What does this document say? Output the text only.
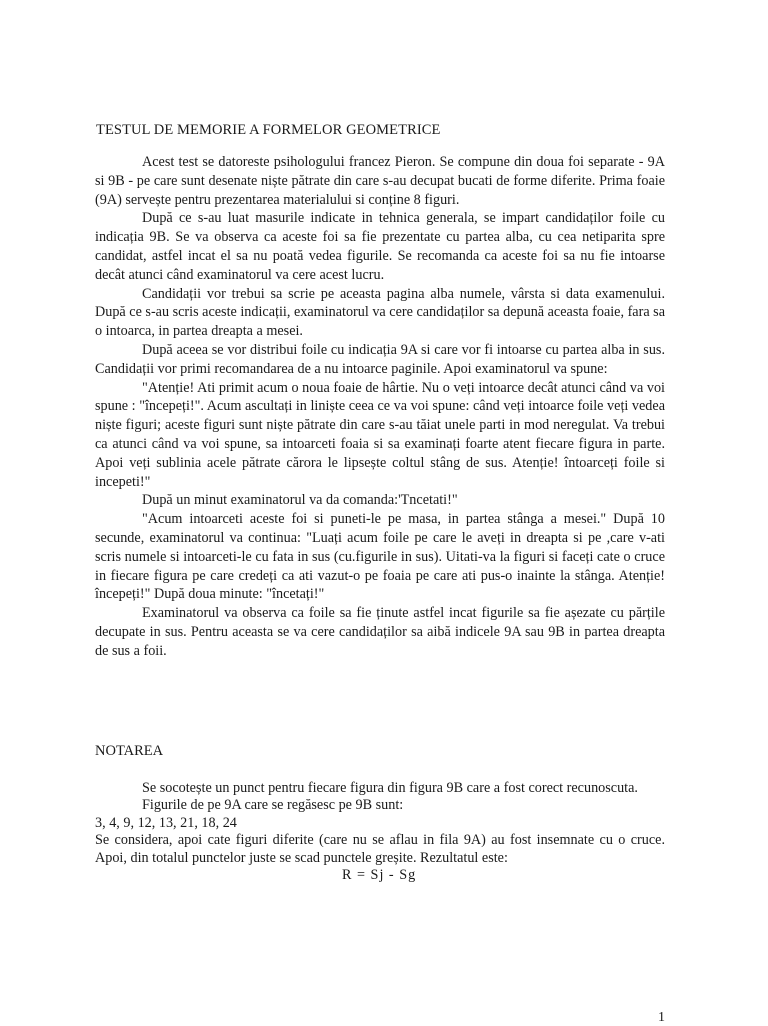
TESTUL DE MEMORIE A FORMELOR GEOMETRICE

Acest test se datoreste psihologului francez Pieron. Se compune din doua foi separate - 9A si 9B - pe care sunt desenate niște pătrate din care s-au decupat bucati de forme diferite. Prima foaie (9A) servește pentru prezentarea materialului si conține 8 figuri.

După ce s-au luat masurile indicate in tehnica generala, se impart candidaților foile cu indicația 9B. Se va observa ca aceste foi sa fie prezentate cu partea alba, cu cea netiparita spre candidat, astfel incat el sa nu poată vedea figurile. Se recomanda ca aceste foi sa nu fie intoarse decât atunci când examinatorul va cere acest lucru.

Candidații vor trebui sa scrie pe aceasta pagina alba numele, vârsta si data examenului. După ce s-au scris aceste indicații, examinatorul va cere candidaților sa depună aceasta foaie, fara sa o intoarca, in partea dreapta a mesei.

După aceea se vor distribui foile cu indicația 9A si care vor fi intoarse cu partea alba in sus. Candidații vor primi recomandarea de a nu intoarce paginile. Apoi examinatorul va spune:

"Atenție! Ati primit acum o noua foaie de hârtie. Nu o veți intoarce decât atunci când va voi spune : "începeți!". Acum ascultați in liniște ceea ce va voi spune: când veți intoarce foile veți vedea niște figuri; aceste figuri sunt niște pătrate din care s-au tăiat unele parti in mod neregulat. Va trebui ca atunci când va voi spune, sa intoarceti foaia si sa examinați foarte atent fiecare figura in parte. Apoi veți sublinia acele pătrate cărora le lipsește coltul stâng de sus. Atenție! întoarceți foile si incepeti!"

După un minut examinatorul va da comanda:'Tncetati!"

"Acum intoarceti aceste foi si puneti-le pe masa, in partea stânga a mesei." După 10 secunde, examinatorul va continua: "Luați acum foile pe care le aveți in dreapta si pe ,care v-ati scris numele si intoarceti-le cu fata in sus (cu.figurile in sus). Uitati-va la figuri si faceți cate o cruce in fiecare figura pe care credeți ca ati vazut-o pe foaia pe care ati pus-o inainte la stânga. Atenție! începeți!" După doua minute: "încetați!"

Examinatorul va observa ca foile sa fie ținute astfel incat figurile sa fie așezate cu părțile decupate in sus. Pentru aceasta se va cere candidaților sa aibă indicele 9A sau 9B in partea dreapta de sus a foii.

NOTAREA

Se socotește un punct pentru fiecare figura din figura 9B care a fost corect recunoscuta.

Figurile de pe 9A care se regăsesc pe 9B sunt:

3, 4, 9, 12, 13, 21, 18, 24

Se considera, apoi cate figuri diferite (care nu se aflau in fila 9A) au fost insemnate cu o cruce. Apoi, din totalul punctelor juste se scad punctele greșite. Rezultatul este:

R = Sj - Sg

1
